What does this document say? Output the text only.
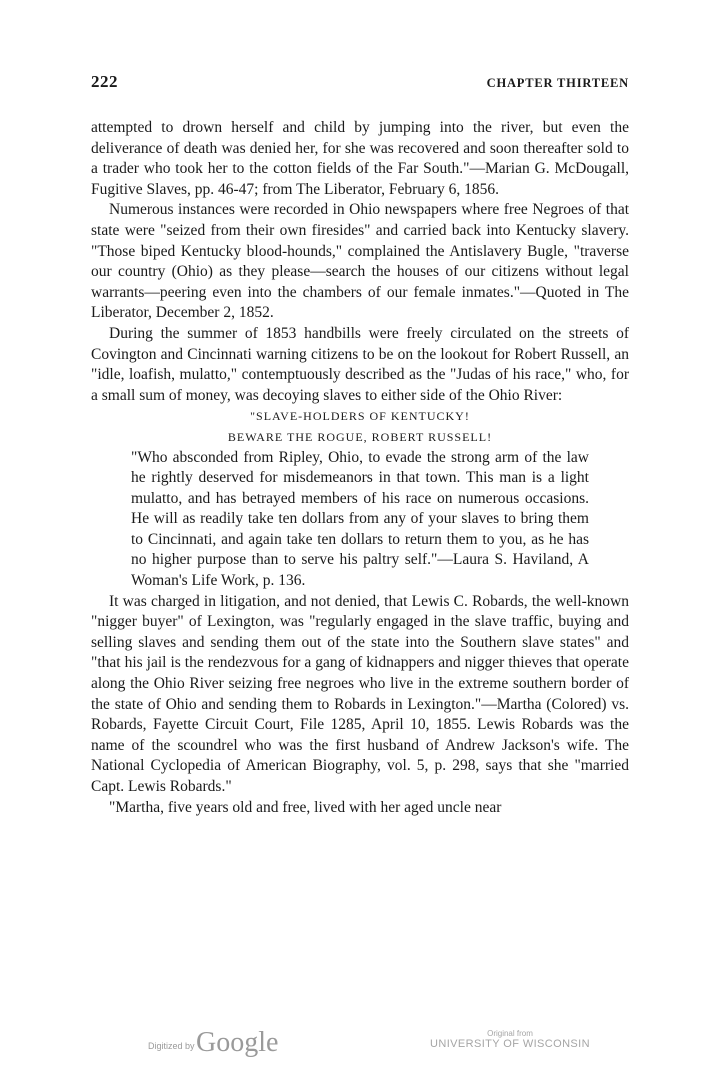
222	CHAPTER THIRTEEN

attempted to drown herself and child by jumping into the river, but even the deliverance of death was denied her, for she was recovered and soon thereafter sold to a trader who took her to the cotton fields of the Far South."—Marian G. McDougall, Fugitive Slaves, pp. 46-47; from The Liberator, February 6, 1856.

Numerous instances were recorded in Ohio newspapers where free Negroes of that state were "seized from their own firesides" and carried back into Kentucky slavery. "Those biped Kentucky blood-hounds," complained the Antislavery Bugle, "traverse our country (Ohio) as they please—search the houses of our citizens without legal warrants—peering even into the chambers of our female inmates."—Quoted in The Liberator, December 2, 1852.

During the summer of 1853 handbills were freely circulated on the streets of Covington and Cincinnati warning citizens to be on the lookout for Robert Russell, an "idle, loafish, mulatto," contemptuously described as the "Judas of his race," who, for a small sum of money, was decoying slaves to either side of the Ohio River:

"SLAVE-HOLDERS OF KENTUCKY!
BEWARE THE ROGUE, ROBERT RUSSELL!

"Who absconded from Ripley, Ohio, to evade the strong arm of the law he rightly deserved for misdemeanors in that town. This man is a light mulatto, and has betrayed members of his race on numerous occasions. He will as readily take ten dollars from any of your slaves to bring them to Cincinnati, and again take ten dollars to return them to you, as he has no higher purpose than to serve his paltry self."—Laura S. Haviland, A Woman's Life Work, p. 136.

It was charged in litigation, and not denied, that Lewis C. Robards, the well-known "nigger buyer" of Lexington, was "regularly engaged in the slave traffic, buying and selling slaves and sending them out of the state into the Southern slave states" and "that his jail is the rendezvous for a gang of kidnappers and nigger thieves that operate along the Ohio River seizing free negroes who live in the extreme southern border of the state of Ohio and sending them to Robards in Lexington."—Martha (Colored) vs. Robards, Fayette Circuit Court, File 1285, April 10, 1855. Lewis Robards was the name of the scoundrel who was the first husband of Andrew Jackson's wife. The National Cyclopedia of American Biography, vol. 5, p. 298, says that she "married Capt. Lewis Robards."

"Martha, five years old and free, lived with her aged uncle near

Digitized by Google	Original from
UNIVERSITY OF WISCONSIN
